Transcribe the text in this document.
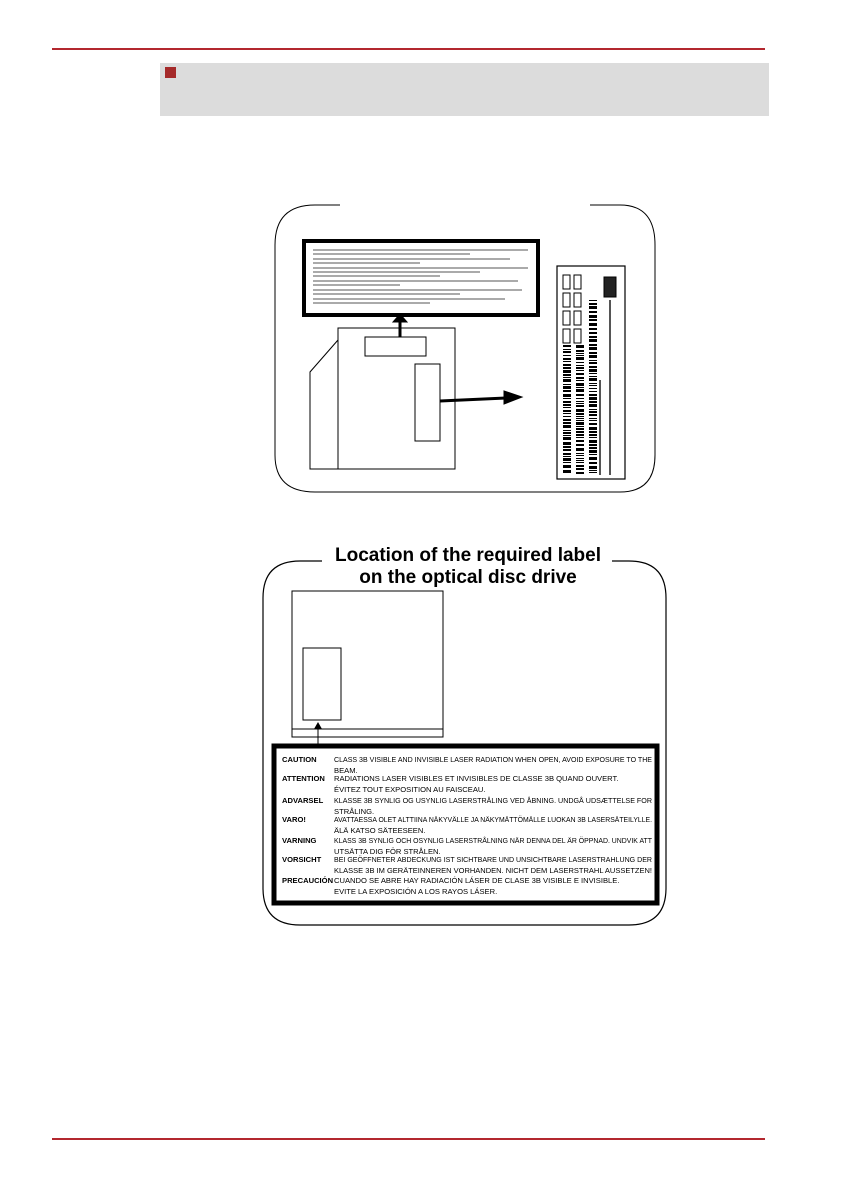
Location of the required label
on the optical disc drive
CAUTION CLASS 3B VISIBLE AND INVISIBLE LASER RADIATION WHEN OPEN, AVOID EXPOSURE TO THE
BEAM.
ATTENTION RADIATIONS LASER VISIBLES ET INVISIBLES DE CLASSE 3B QUAND OUVERT.
ÉVITEZ TOUT EXPOSITION AU FAISCEAU.
ADVARSEL KLASSE 3B SYNLIG OG USYNLIG LASERSTRÅLING VED ÅBNING. UNDGÅ UDSÆTTELSE FOR
STRÅLING.
VARO!	AVATTAESSA OLET ALTTIINA NÄKYVÄLLE JA NÄKYMÄTTÖMÄLLE LUOKAN 3B LASERSÄTEILYLLE.
ÄLÄ KATSO SÄTEESEEN.
VARNING KLASS 3B SYNLIG OCH OSYNLIG LASERSTRÅLNING NÄR DENNA DEL ÄR ÖPPNAD. UNDVIK ATT
UTSÄTTA DIG FÖR STRÅLEN.
VORSICHT BEI GEÖFFNETER ABDECKUNG IST SICHTBARE UND UNSICHTBARE LASERSTRAHLUNG DER
KLASSE 3B IM GERÄTEINNEREN VORHANDEN. NICHT DEM LASERSTRAHL AUSSETZEN!
PRECAUCIÓN CUANDO SE ABRE HAY RADIACIÓN LÁSER DE CLASE 3B VISIBLE E INVISIBLE.
EVITE LA EXPOSICIÓN A LOS RAYOS LÁSER.
